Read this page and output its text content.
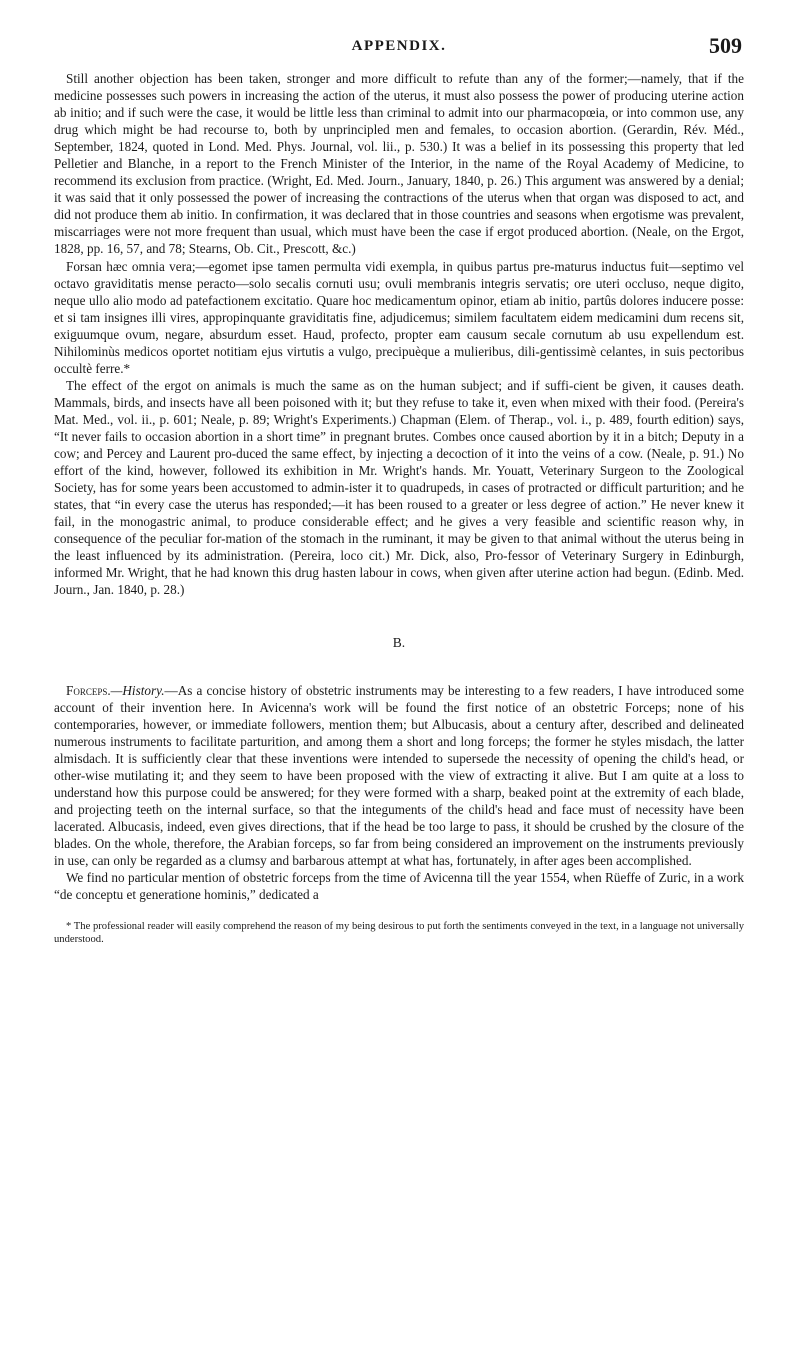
APPENDIX.	509

Still another objection has been taken, stronger and more difficult to refute than any of the former;—namely, that if the medicine possesses such powers in increasing the action of the uterus, it must also possess the power of producing uterine action ab initio; and if such were the case, it would be little less than criminal to admit into our pharmacopœia, or into common use, any drug which might be had recourse to, both by unprincipled men and females, to occasion abortion. (Gerardin, Rév. Méd., September, 1824, quoted in Lond. Med. Phys. Journal, vol. lii., p. 530.) It was a belief in its possessing this property that led Pelletier and Blanche, in a report to the French Minister of the Interior, in the name of the Royal Academy of Medicine, to recommend its exclusion from practice. (Wright, Ed. Med. Journ., January, 1840, p. 26.) This argument was answered by a denial; it was said that it only possessed the power of increasing the contractions of the uterus when that organ was disposed to act, and did not produce them ab initio. In confirmation, it was declared that in those countries and seasons when ergotisme was prevalent, miscarriages were not more frequent than usual, which must have been the case if ergot produced abortion. (Neale, on the Ergot, 1828, pp. 16, 57, and 78; Stearns, Ob. Cit., Prescott, &c.)

Forsan hæc omnia vera;—egomet ipse tamen permulta vidi exempla, in quibus partus pre-maturus inductus fuit—septimo vel octavo graviditatis mense peracto—solo secalis cornuti usu; ovuli membranis integris servatis; ore uteri occluso, neque digito, neque ullo alio modo ad patefactionem excitatio. Quare hoc medicamentum opinor, etiam ab initio, partûs dolores inducere posse: et si tam insignes illi vires, appropinquante graviditatis fine, adjudicemus; similem facultatem eidem medicamini dum recens sit, exiguumque ovum, negare, absurdum esset. Haud, profecto, propter eam causum secale cornutum ab usu expellendum est. Nihilominùs medicos oportet notitiam ejus virtutis a vulgo, precipuèque a mulieribus, dili-gentissimè celantes, in suis pectoribus occultè ferre.*

The effect of the ergot on animals is much the same as on the human subject; and if suffi-cient be given, it causes death. Mammals, birds, and insects have all been poisoned with it; but they refuse to take it, even when mixed with their food. (Pereira's Mat. Med., vol. ii., p. 601; Neale, p. 89; Wright's Experiments.) Chapman (Elem. of Therap., vol. i., p. 489, fourth edition) says, “It never fails to occasion abortion in a short time” in pregnant brutes. Combes once caused abortion by it in a bitch; Deputy in a cow; and Percey and Laurent pro-duced the same effect, by injecting a decoction of it into the veins of a cow. (Neale, p. 91.) No effort of the kind, however, followed its exhibition in Mr. Wright's hands. Mr. Youatt, Veterinary Surgeon to the Zoological Society, has for some years been accustomed to admin-ister it to quadrupeds, in cases of protracted or difficult parturition; and he states, that “in every case the uterus has responded;—it has been roused to a greater or less degree of action.” He never knew it fail, in the monogastric animal, to produce considerable effect; and he gives a very feasible and scientific reason why, in consequence of the peculiar for-mation of the stomach in the ruminant, it may be given to that animal without the uterus being in the least influenced by its administration. (Pereira, loco cit.) Mr. Dick, also, Pro-fessor of Veterinary Surgery in Edinburgh, informed Mr. Wright, that he had known this drug hasten labour in cows, when given after uterine action had begun. (Edinb. Med. Journ., Jan. 1840, p. 28.)

B.

Forceps.—History.—As a concise history of obstetric instruments may be interesting to a few readers, I have introduced some account of their invention here. In Avicenna's work will be found the first notice of an obstetric Forceps; none of his contemporaries, however, or immediate followers, mention them; but Albucasis, about a century after, described and delineated numerous instruments to facilitate parturition, and among them a short and long forceps; the former he styles misdach, the latter almisdach. It is sufficiently clear that these inventions were intended to supersede the necessity of opening the child's head, or other-wise mutilating it; and they seem to have been proposed with the view of extracting it alive. But I am quite at a loss to understand how this purpose could be answered; for they were formed with a sharp, beaked point at the extremity of each blade, and projecting teeth on the internal surface, so that the integuments of the child's head and face must of necessity have been lacerated. Albucasis, indeed, even gives directions, that if the head be too large to pass, it should be crushed by the closure of the blades. On the whole, therefore, the Arabian forceps, so far from being considered an improvement on the instruments previously in use, can only be regarded as a clumsy and barbarous attempt at what has, fortunately, in after ages been accomplished.

We find no particular mention of obstetric forceps from the time of Avicenna till the year 1554, when Rüeffe of Zuric, in a work “de conceptu et generatione hominis,” dedicated a

* The professional reader will easily comprehend the reason of my being desirous to put forth the sentiments conveyed in the text, in a language not universally understood.
